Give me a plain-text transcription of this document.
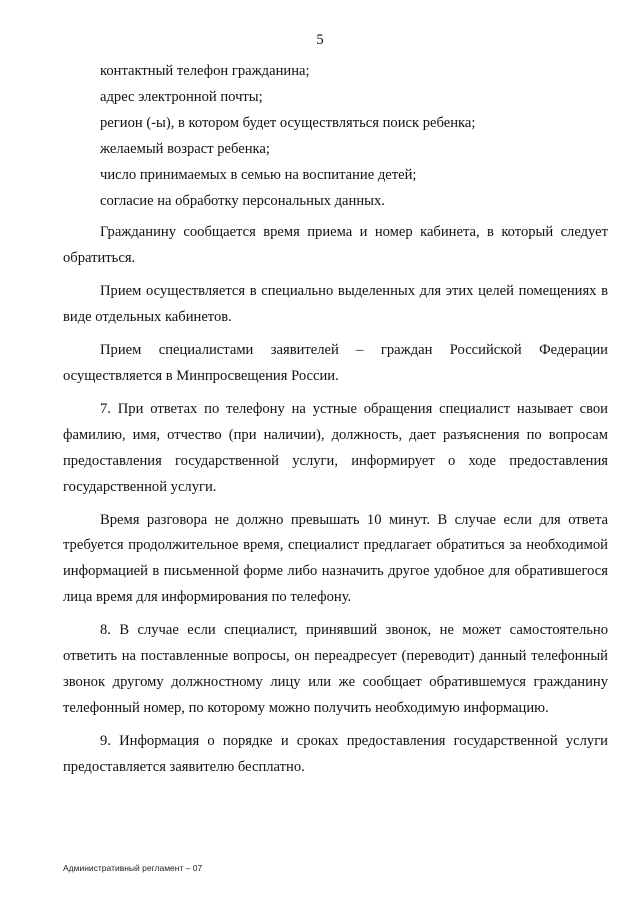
5

контактный телефон гражданина;

адрес электронной почты;

регион (-ы), в котором будет осуществляться поиск ребенка;

желаемый возраст ребенка;

число принимаемых в семью на воспитание детей;

согласие на обработку персональных данных.

Гражданину сообщается время приема и номер кабинета, в который следует обратиться.

Прием осуществляется в специально выделенных для этих целей помещениях в виде отдельных кабинетов.

Прием специалистами заявителей – граждан Российской Федерации осуществляется в Минпросвещения России.

7. При ответах по телефону на устные обращения специалист называет свои фамилию, имя, отчество (при наличии), должность, дает разъяснения по вопросам предоставления государственной услуги, информирует о ходе предоставления государственной услуги.

Время разговора не должно превышать 10 минут. В случае если для ответа требуется продолжительное время, специалист предлагает обратиться за необходимой информацией в письменной форме либо назначить другое удобное для обратившегося лица время для информирования по телефону.

8. В случае если специалист, принявший звонок, не может самостоятельно ответить на поставленные вопросы, он переадресует (переводит) данный телефонный звонок другому должностному лицу или же сообщает обратившемуся гражданину телефонный номер, по которому можно получить необходимую информацию.

9. Информация о порядке и сроках предоставления государственной услуги предоставляется заявителю бесплатно.

Административный регламент – 07
